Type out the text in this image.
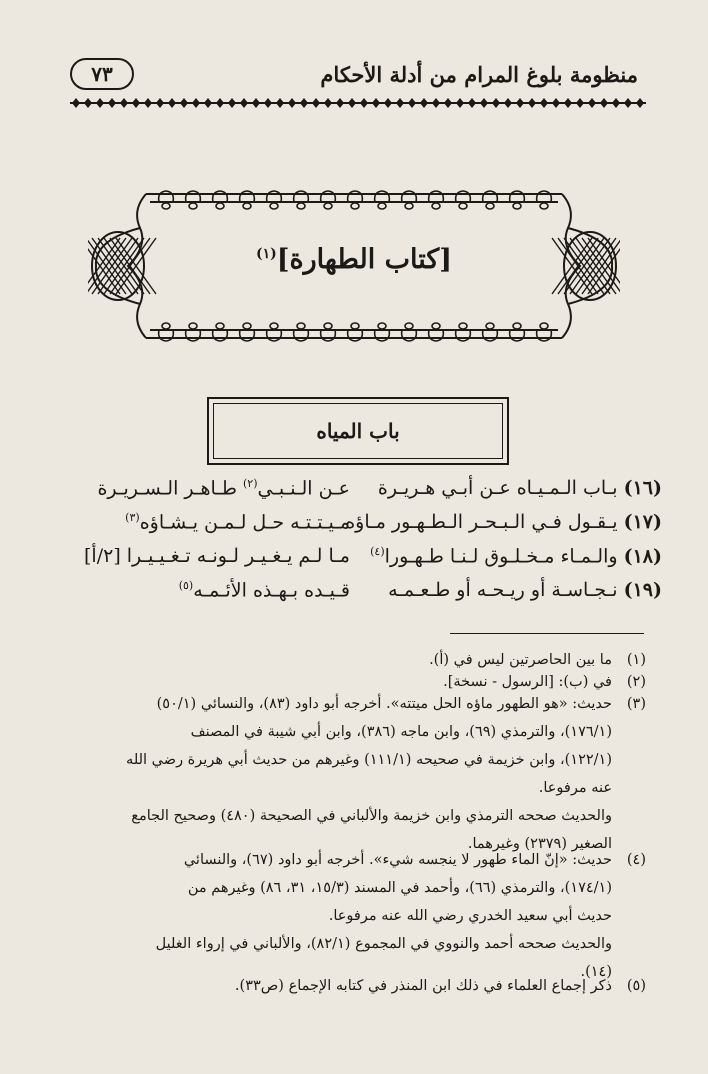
منظومة بلوغ المرام من أدلة الأحكام
٧٣
[كتاب الطهارة]$^{(١)}$
باب المياه
(١٦) بـاب الـمـيـاه عـن أبـي هـريـرة
عـن الـنـبـي$^{(٢)}$ طـاهـر الـسـريـرة
(١٧) يـقـول فـي الـبـحـر الـطـهـور مـاؤه
مـيـتـتـه حـل لـمـن يـشـاؤه$^{(٣)}$
(١٨) والـمـاء مـخـلـوق لـنـا طـهـورا$^{(٤)}$
مـا لـم يـغـيـر لـونـه تـغـيـيـرا [٢/أ]
(١٩) نـجـاسـة أو ريـحـه أو طـعـمـه
قـيـده بـهـذه الأئـمـه$^{(٥)}$
(١)ما بين الحاصرتين ليس في (أ).
(٢)في (ب): [الرسول - نسخة].
(٣)حديث: «هو الطهور ماؤه الحل ميتته». أخرجه أبو داود (٨٣)، والنسائي (٥٠/١)
(١٧٦/١)، والترمذي (٦٩)، وابن ماجه (٣٨٦)، وابن أبي شيبة في المصنف
(١٢٢/١)، وابن خزيمة في صحيحه (١١١/١) وغيرهم من حديث أبي هريرة رضي الله
عنه مرفوعا.
والحديث صححه الترمذي وابن خزيمة والألباني في الصحيحة (٤٨٠) وصحيح الجامع
الصغير (٢٣٧٩) وغيرهما.
(٤)حديث: «إنّ الماء طهور لا ينجسه شيء». أخرجه أبو داود (٦٧)، والنسائي
(١٧٤/١)، والترمذي (٦٦)، وأحمد في المسند (١٥/٣، ٣١، ٨٦) وغيرهم من
حديث أبي سعيد الخدري رضي الله عنه مرفوعا.
والحديث صححه أحمد والنووي في المجموع (٨٢/١)، والألباني في إرواء الغليل
(١٤).
(٥)ذكر إجماع العلماء في ذلك ابن المنذر في كتابه الإجماع (ص٣٣).
